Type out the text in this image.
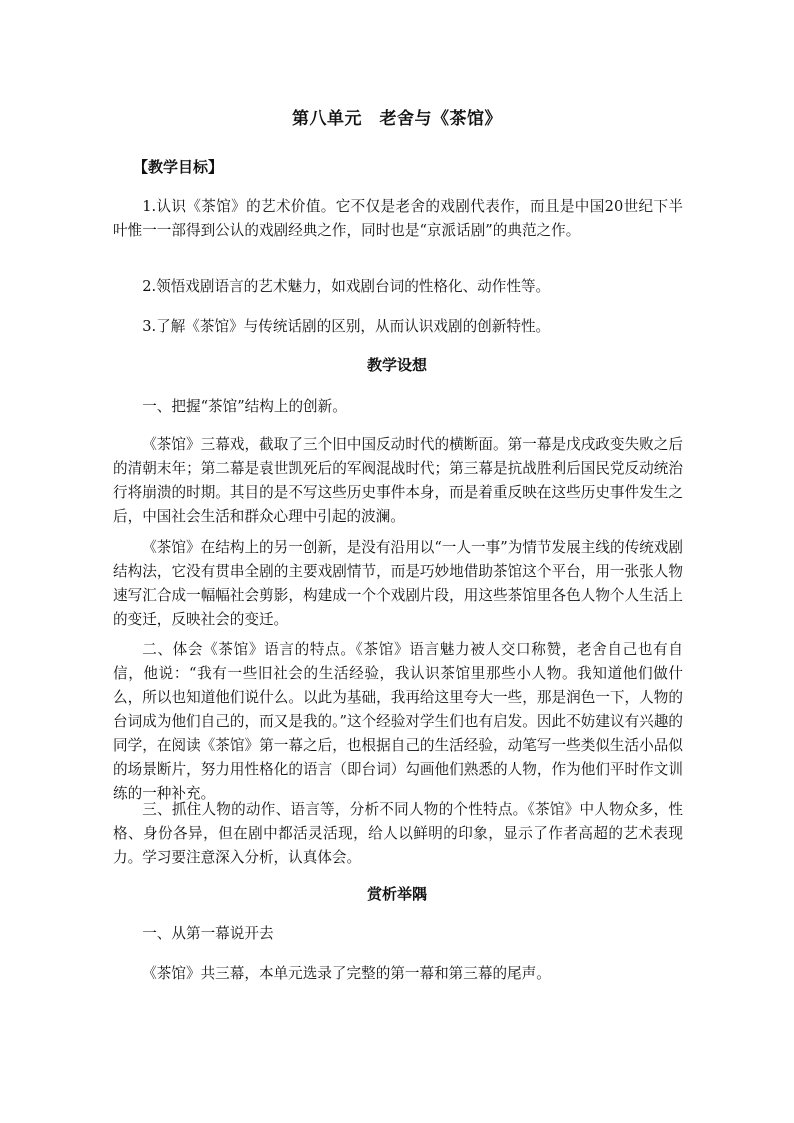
第八单元　老舍与《茶馆》
【教学目标】

1.认识《茶馆》的艺术价值。它不仅是老舍的戏剧代表作，而且是中国20世纪下半叶惟一一部得到公认的戏剧经典之作，同时也是“京派话剧”的典范之作。

2.领悟戏剧语言的艺术魅力，如戏剧台词的性格化、动作性等。

3.了解《茶馆》与传统话剧的区别，从而认识戏剧的创新特性。

教学设想

一、把握“茶馆”结构上的创新。

《茶馆》三幕戏，截取了三个旧中国反动时代的横断面。第一幕是戊戌政变失败之后的清朝末年；第二幕是袁世凯死后的军阀混战时代；第三幕是抗战胜利后国民党反动统治行将崩溃的时期。其目的是不写这些历史事件本身，而是着重反映在这些历史事件发生之后，中国社会生活和群众心理中引起的波澜。

《茶馆》在结构上的另一创新，是没有沿用以“一人一事”为情节发展主线的传统戏剧结构法，它没有贯串全剧的主要戏剧情节，而是巧妙地借助茶馆这个平台，用一张张人物速写汇合成一幅幅社会剪影，构建成一个个戏剧片段，用这些茶馆里各色人物个人生活上的变迁，反映社会的变迁。

二、体会《茶馆》语言的特点。《茶馆》语言魅力被人交口称赞，老舍自己也有自信，他说：“我有一些旧社会的生活经验，我认识茶馆里那些小人物。我知道他们做什么，所以也知道他们说什么。以此为基础，我再给这里夸大一些，那是润色一下，人物的台词成为他们自己的，而又是我的。”这个经验对学生们也有启发。因此不妨建议有兴趣的同学，在阅读《茶馆》第一幕之后，也根据自己的生活经验，动笔写一些类似生活小品似的场景断片，努力用性格化的语言（即台词）勾画他们熟悉的人物，作为他们平时作文训练的一种补充。

三、抓住人物的动作、语言等，分析不同人物的个性特点。《茶馆》中人物众多，性格、身份各异，但在剧中都活灵活现，给人以鲜明的印象，显示了作者高超的艺术表现力。学习要注意深入分析，认真体会。

赏析举隅

一、从第一幕说开去

《茶馆》共三幕，本单元选录了完整的第一幕和第三幕的尾声。
